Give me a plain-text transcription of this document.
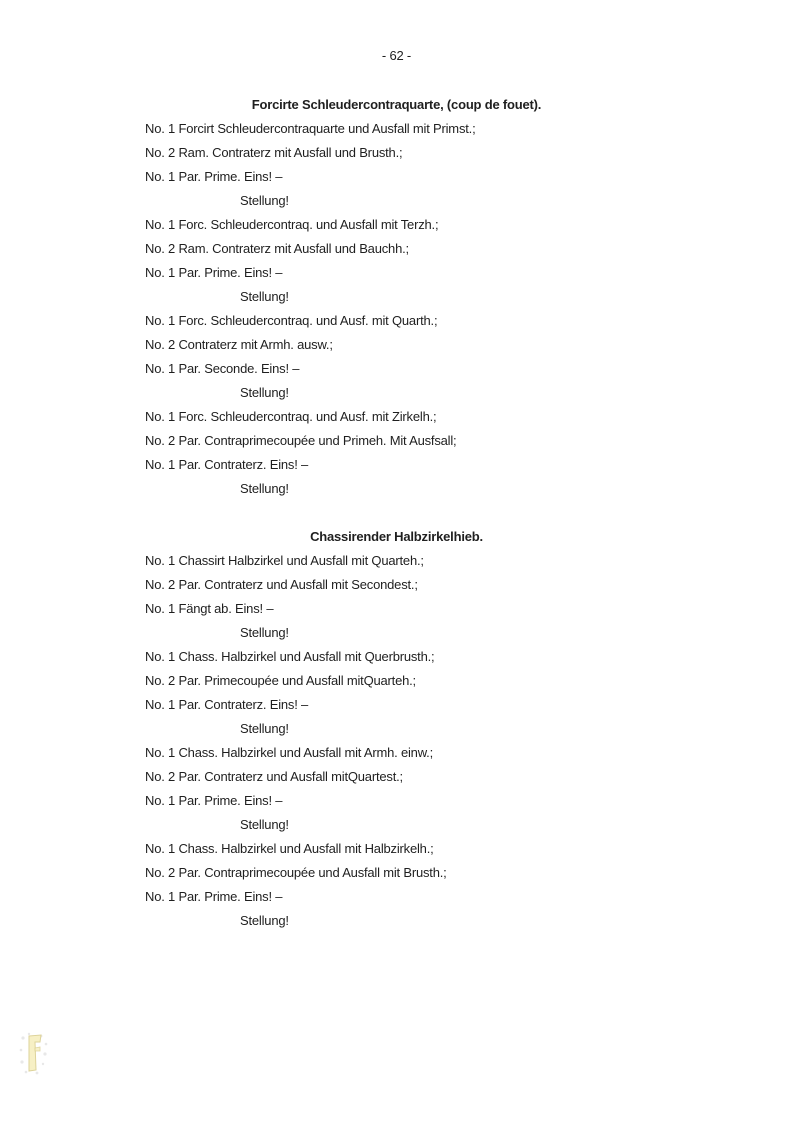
- 62 -
Forcirte Schleudercontraquarte, (coup de fouet).
No. 1 Forcirt Schleudercontraquarte und Ausfall mit Primst.;
No. 2 Ram. Contraterz mit Ausfall und Brusth.;
No. 1 Par. Prime. Eins! –
Stellung!
No. 1 Forc. Schleudercontraq. und Ausfall mit Terzh.;
No. 2 Ram. Contraterz mit Ausfall und Bauchh.;
No. 1 Par. Prime. Eins! –
Stellung!
No. 1 Forc. Schleudercontraq. und Ausf. mit Quarth.;
No. 2 Contraterz mit Armh. ausw.;
No. 1 Par. Seconde. Eins! –
Stellung!
No. 1 Forc. Schleudercontraq. und Ausf. mit Zirkelh.;
No. 2 Par. Contraprimecoupée und Primeh. Mit Ausfsall;
No. 1 Par. Contraterz. Eins! –
Stellung!
Chassirender Halbzirkelhieb.
No. 1 Chassirt Halbzirkel und Ausfall mit Quarteh.;
No. 2 Par. Contraterz und Ausfall mit Secondest.;
No. 1 Fängt ab. Eins! –
Stellung!
No. 1 Chass. Halbzirkel und Ausfall mit Querbrusth.;
No. 2 Par. Primecoupée und Ausfall mitQuarteh.;
No. 1 Par. Contraterz. Eins! –
Stellung!
No. 1 Chass. Halbzirkel und Ausfall mit Armh. einw.;
No. 2 Par. Contraterz und Ausfall mitQuartest.;
No. 1 Par. Prime. Eins! –
Stellung!
No. 1 Chass. Halbzirkel und Ausfall mit Halbzirkelh.;
No. 2 Par. Contraprimecoupée und Ausfall mit Brusth.;
No. 1 Par. Prime. Eins! –
Stellung!
